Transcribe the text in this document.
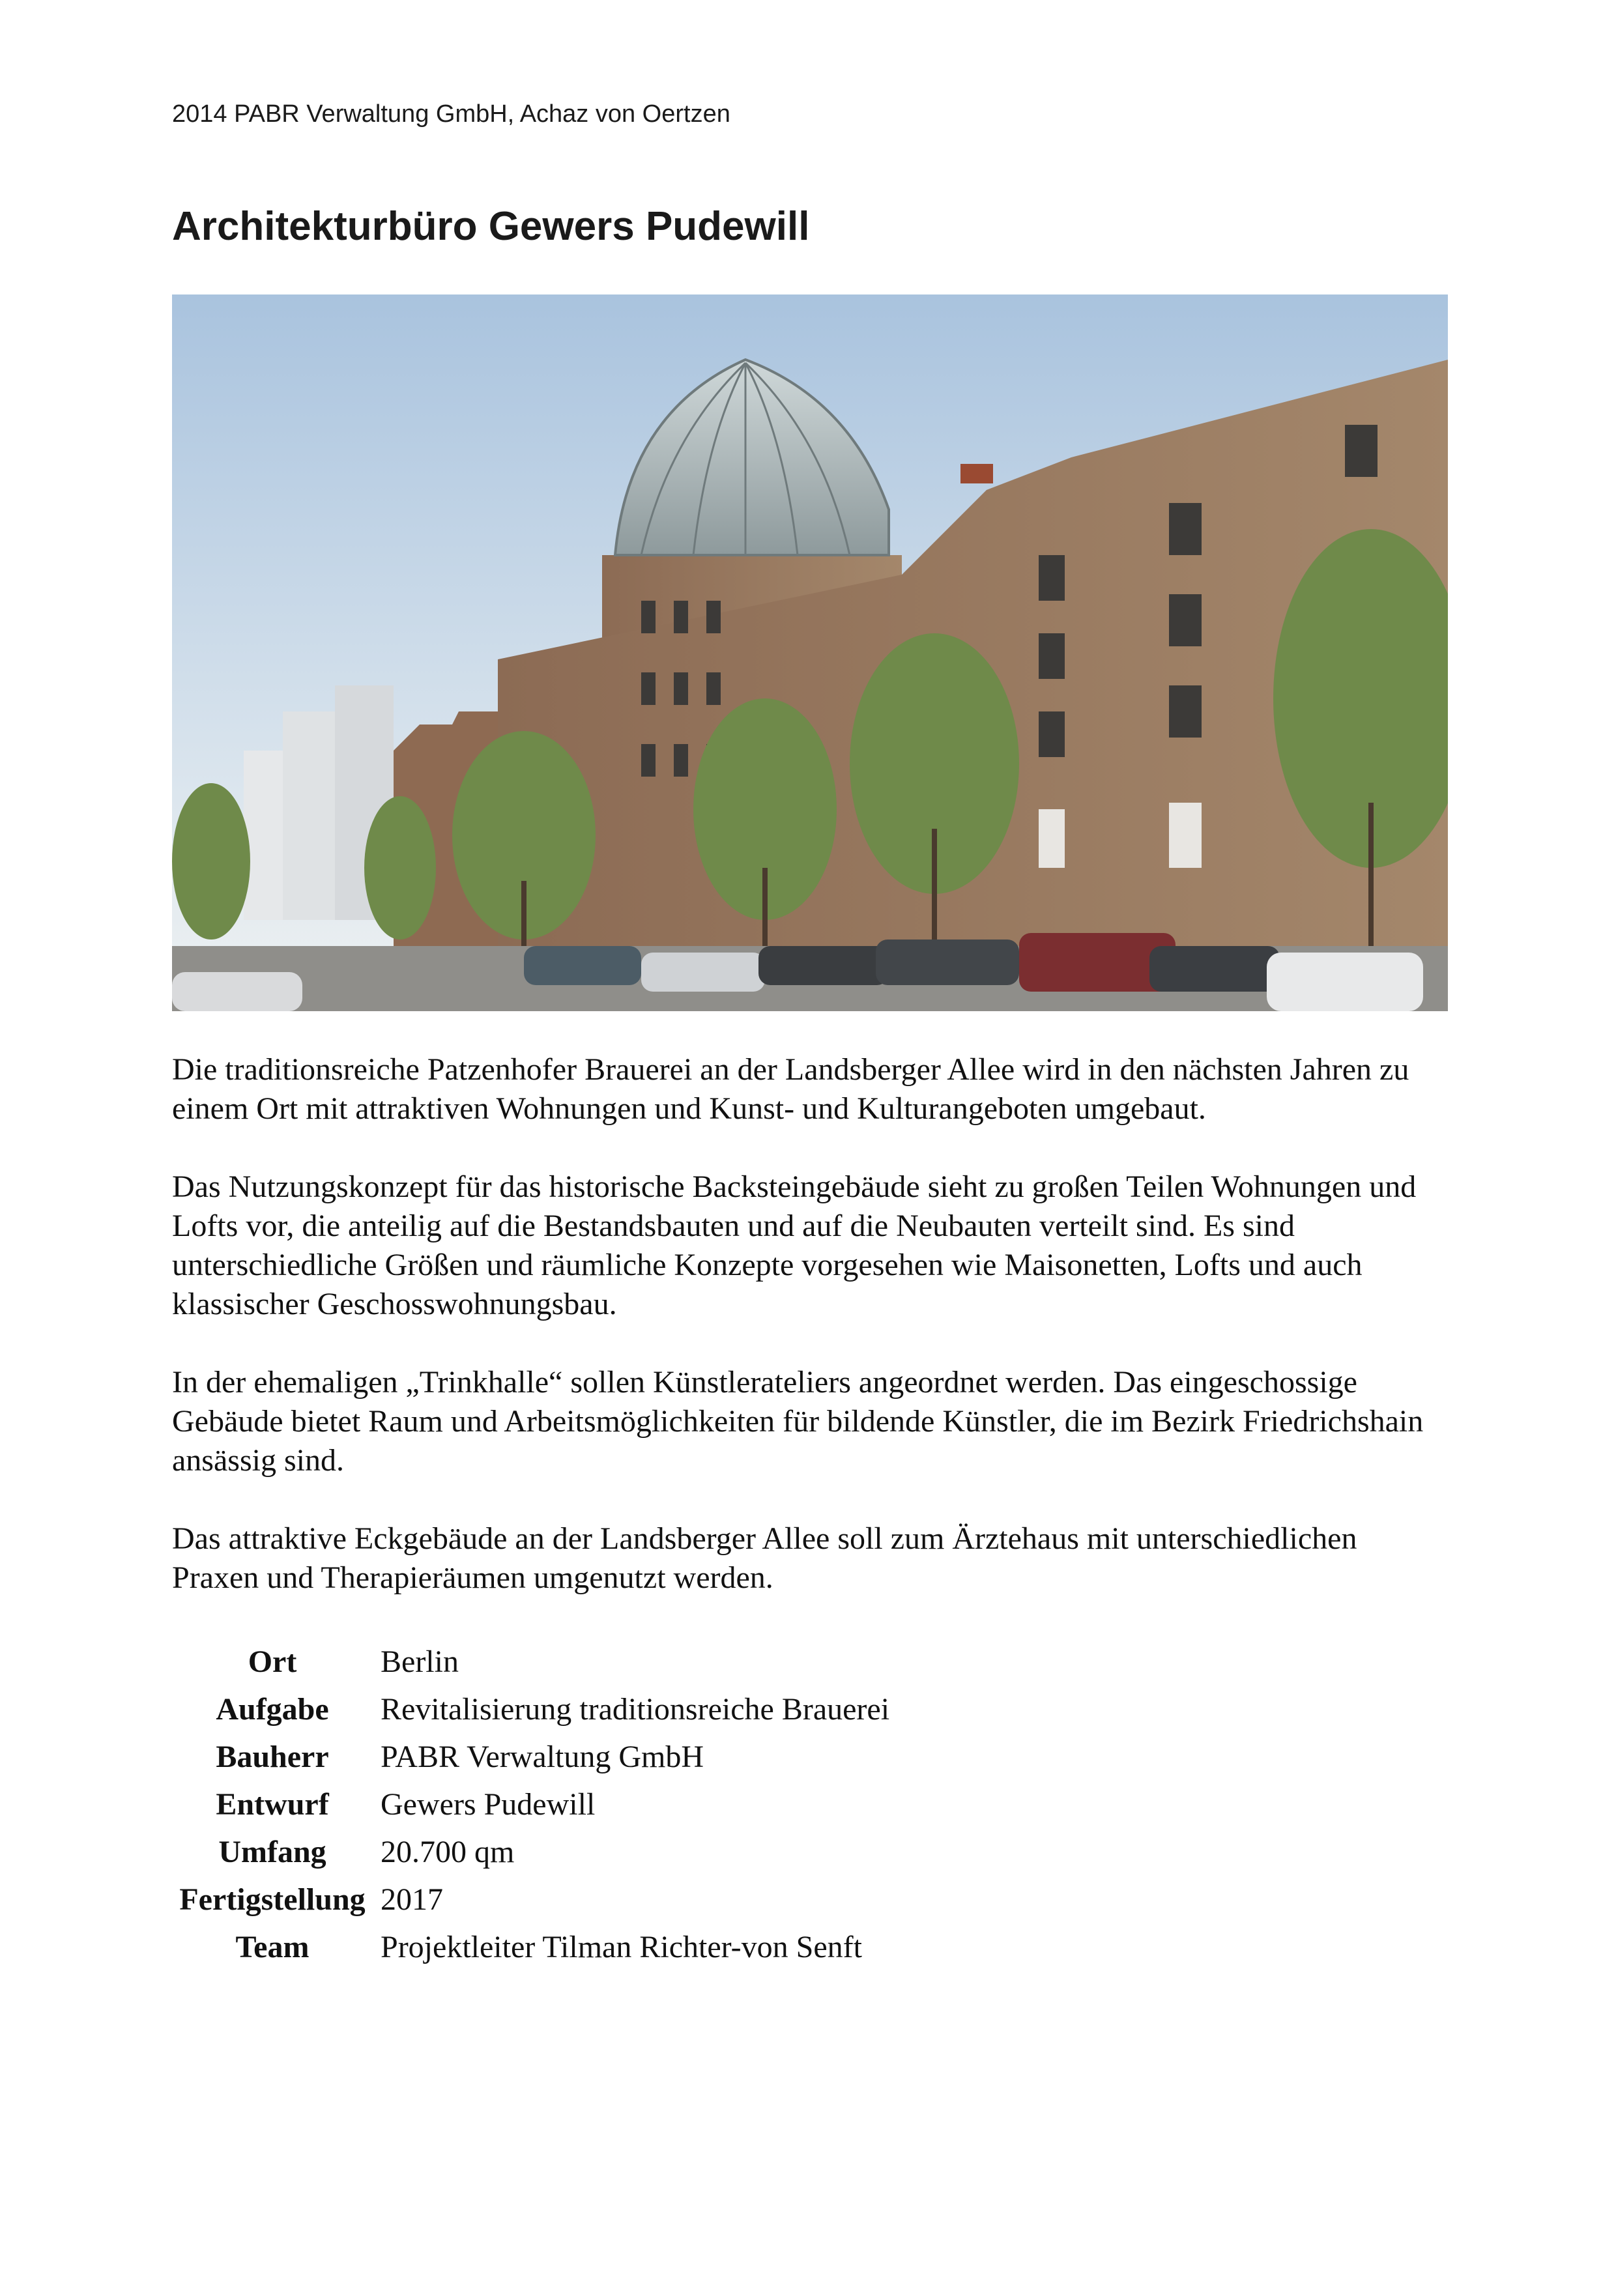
2014 PABR Verwaltung GmbH, Achaz von Oertzen
Architekturbüro Gewers Pudewill

Die traditionsreiche Patzenhofer Brauerei an der Landsberger Allee wird in den nächsten Jahren zu einem Ort mit attraktiven Wohnungen und Kunst- und Kulturangeboten umgebaut.

Das Nutzungskonzept für das historische Backsteingebäude sieht zu großen Teilen Wohnungen und Lofts vor, die anteilig auf die Bestandsbauten und auf die Neubauten verteilt sind. Es sind unterschiedliche Größen und räumliche Konzepte vorgesehen wie Maisonetten, Lofts und auch klassischer Geschosswohnungsbau.

In der ehemaligen „Trinkhalle“ sollen Künstlerateliers angeordnet werden. Das eingeschossige Gebäude bietet Raum und Arbeitsmöglichkeiten für bildende Künstler, die im Bezirk Friedrichshain ansässig sind.

Das attraktive Eckgebäude an der Landsberger Allee soll zum Ärztehaus mit unterschiedlichen Praxen und Therapieräumen umgenutzt werden.

Ort	Berlin
Aufgabe	Revitalisierung traditionsreiche Brauerei
Bauherr	PABR Verwaltung GmbH
Entwurf	Gewers Pudewill
Umfang	20.700 qm
Fertigstellung 2017
Team	Projektleiter Tilman Richter-von Senft
